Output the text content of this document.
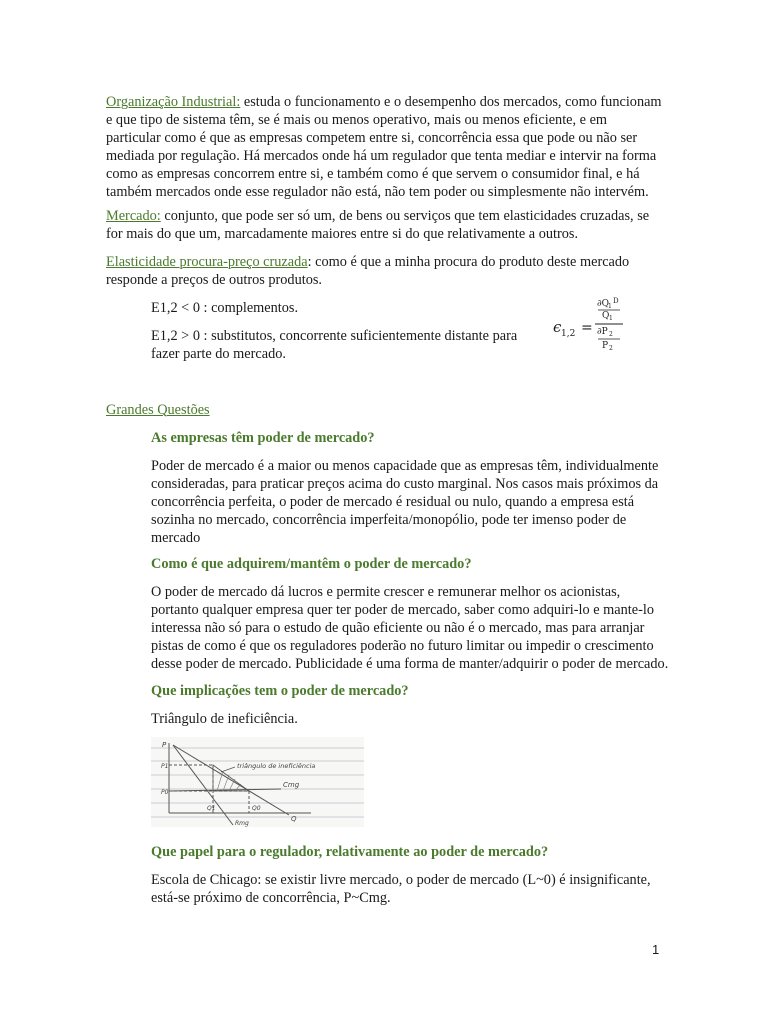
Organização Industrial: estuda o funcionamento e o desempenho dos mercados, como funcionam e que tipo de sistema têm, se é mais ou menos operativo, mais ou menos eficiente, e em particular como é que as empresas competem entre si, concorrência essa que pode ou não ser mediada por regulação. Há mercados onde há um regulador que tenta mediar e intervir na forma como as empresas concorrem entre si, e também como é que servem o consumidor final, e há também mercados onde esse regulador não está, não tem poder ou simplesmente não intervém.

Mercado: conjunto, que pode ser só um, de bens ou serviços que tem elasticidades cruzadas, se for mais do que um, marcadamente maiores entre si do que relativamente a outros.

Elasticidade procura-preço cruzada: como é que a minha procura do produto deste mercado responde a preços de outros produtos.

E1,2 < 0 : complementos.

E1,2 > 0 : substitutos, concorrente suficientemente distante para fazer parte do mercado.

ϵ 1,2 =
∂Q
1
D
Q 1
∂P 2
P 2

Grandes Questões

As empresas têm poder de mercado?

Poder de mercado é a maior ou menos capacidade que as empresas têm, individualmente consideradas, para praticar preços acima do custo marginal. Nos casos mais próximos da concorrência perfeita, o poder de mercado é residual ou nulo, quando a empresa está sozinha no mercado, concorrência imperfeita/monopólio, pode ter imenso poder de mercado

Como é que adquirem/mantêm o poder de mercado?

O poder de mercado dá lucros e permite crescer e remunerar melhor os acionistas, portanto qualquer empresa quer ter poder de mercado, saber como adquiri-lo e mante-lo interessa não só para o estudo de quão eficiente ou não é o mercado, mas para arranjar pistas de como é que os reguladores poderão no futuro limitar ou impedir o crescimento desse poder de mercado. Publicidade é uma forma de manter/adquirir o poder de mercado.

Que implicações tem o poder de mercado?

Triângulo de ineficiência.

P
P1
P0
triângulo de ineficiência
Cmg
Q1	Q0
Q
Rmg

Que papel para o regulador, relativamente ao poder de mercado?

Escola de Chicago: se existir livre mercado, o poder de mercado (L~0) é insignificante, está-se próximo de concorrência, P~Cmg.

1
